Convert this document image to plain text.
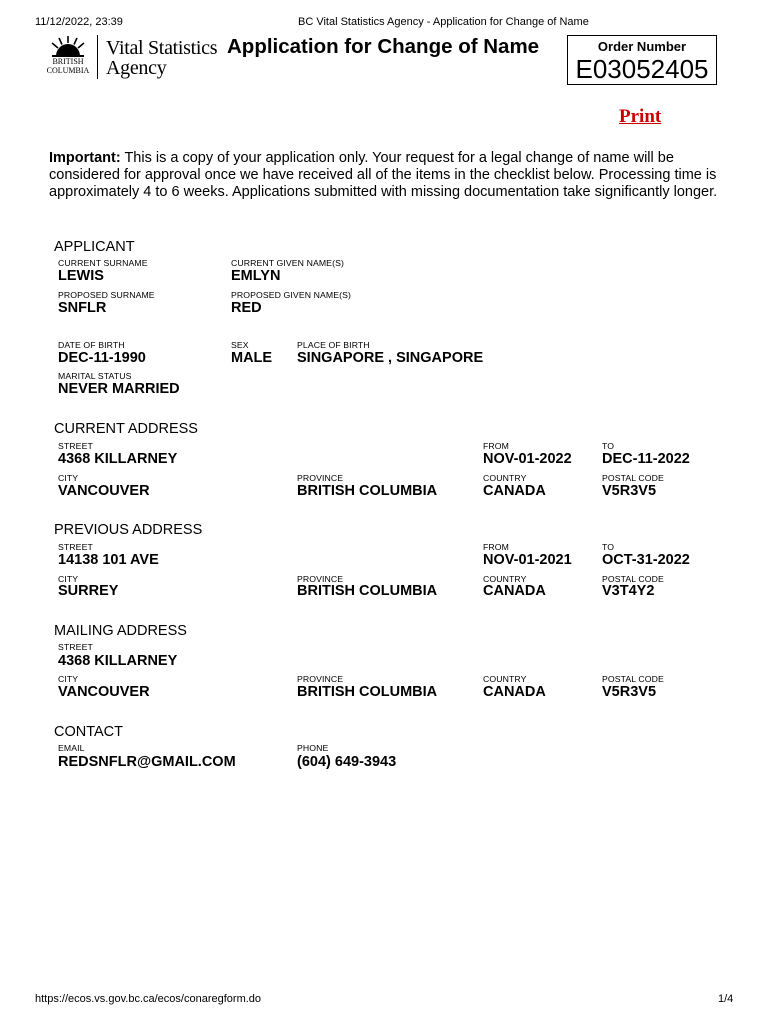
11/12/2022, 23:39	BC Vital Statistics Agency - Application for Change of Name
BRITISH
COLUMBIA
Vital Statistics
Agency
Application for Change of Name	Order Number
E03052405
Print
Important: This is a copy of your application only. Your request for a legal change of name will be considered for approval once we have received all of the items in the checklist below. Processing time is approximately 4 to 6 weeks. Applications submitted with missing documentation take significantly longer.
APPLICANT
CURRENT SURNAME
LEWIS
CURRENT GIVEN NAME(S)
EMLYN
PROPOSED SURNAME
SNFLR
PROPOSED GIVEN NAME(S)
RED
DATE OF BIRTH
DEC-11-1990
SEX
MALE
PLACE OF BIRTH
SINGAPORE , SINGAPORE
MARITAL STATUS
NEVER MARRIED
CURRENT ADDRESS
STREET
4368 KILLARNEY
FROM
NOV-01-2022
TO
DEC-11-2022
CITY
VANCOUVER
PROVINCE
BRITISH COLUMBIA
COUNTRY
CANADA
POSTAL CODE
V5R3V5
PREVIOUS ADDRESS
STREET
14138 101 AVE
FROM
NOV-01-2021
TO
OCT-31-2022
CITY
SURREY
PROVINCE
BRITISH COLUMBIA
COUNTRY
CANADA
POSTAL CODE
V3T4Y2
MAILING ADDRESS
STREET
4368 KILLARNEY
CITY
VANCOUVER
PROVINCE
BRITISH COLUMBIA
COUNTRY
CANADA
POSTAL CODE
V5R3V5
CONTACT
EMAIL
REDSNFLR@GMAIL.COM
PHONE
(604) 649-3943
https://ecos.vs.gov.bc.ca/ecos/conaregform.do	1/4
